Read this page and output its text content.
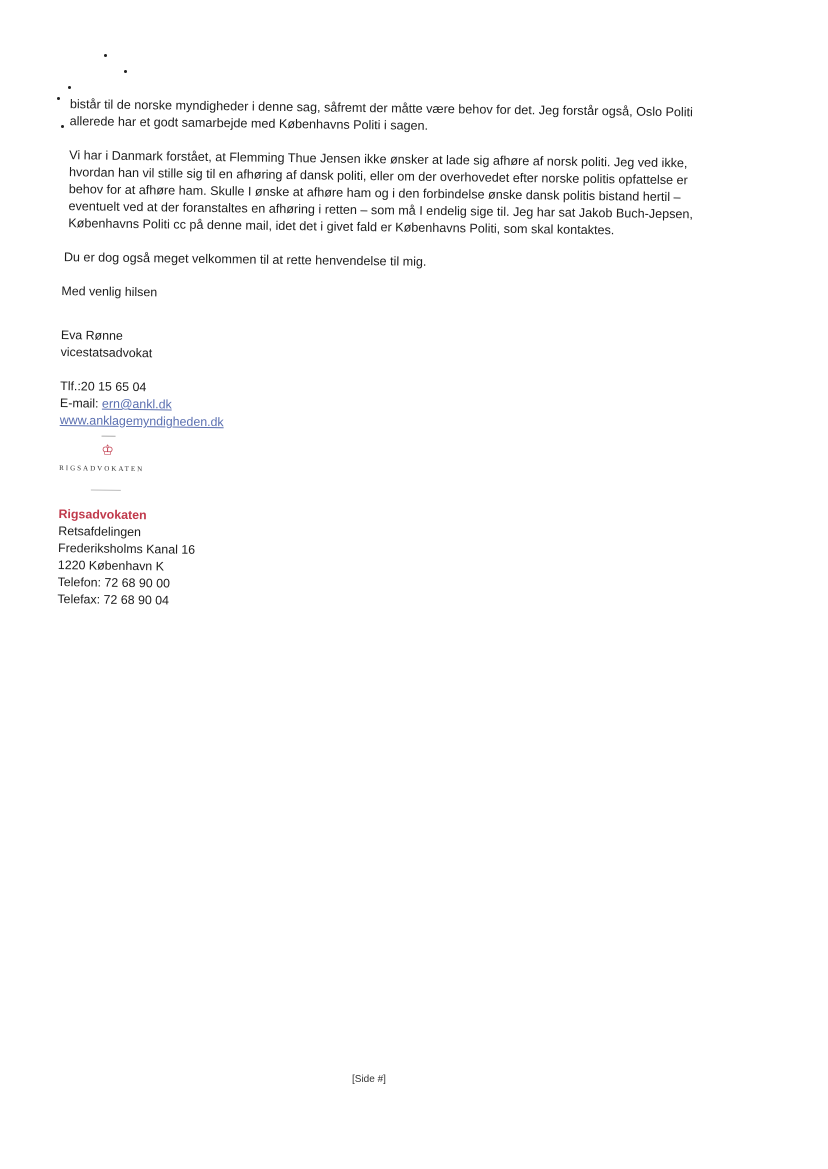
bistår til de norske myndigheder i denne sag, såfremt der måtte være behov for det. Jeg forstår også, Oslo Politi
allerede har et godt samarbejde med Københavns Politi i sagen.

Vi har i Danmark forstået, at Flemming Thue Jensen ikke ønsker at lade sig afhøre af norsk politi. Jeg ved ikke,
hvordan han vil stille sig til en afhøring af dansk politi, eller om der overhovedet efter norske politis opfattelse er
behov for at afhøre ham. Skulle I ønske at afhøre ham og i den forbindelse ønske dansk politis bistand hertil –
eventuelt ved at der foranstaltes en afhøring i retten – som må I endelig sige til. Jeg har sat Jakob Buch-Jepsen,
Københavns Politi cc på denne mail, idet det i givet fald er Københavns Politi, som skal kontaktes.

Du er dog også meget velkommen til at rette henvendelse til mig.

Med venlig hilsen
Eva Rønne
vicestatsadvokat
Tlf.:20 15 65 04
E-mail: ern@ankl.dk
www.anklagemyndigheden.dk
♔
RIGSADVOKATEN
Rigsadvokaten
Retsafdelingen
Frederiksholms Kanal 16
1220 København K
Telefon: 72 68 90 00
Telefax: 72 68 90 04
[Side #]
